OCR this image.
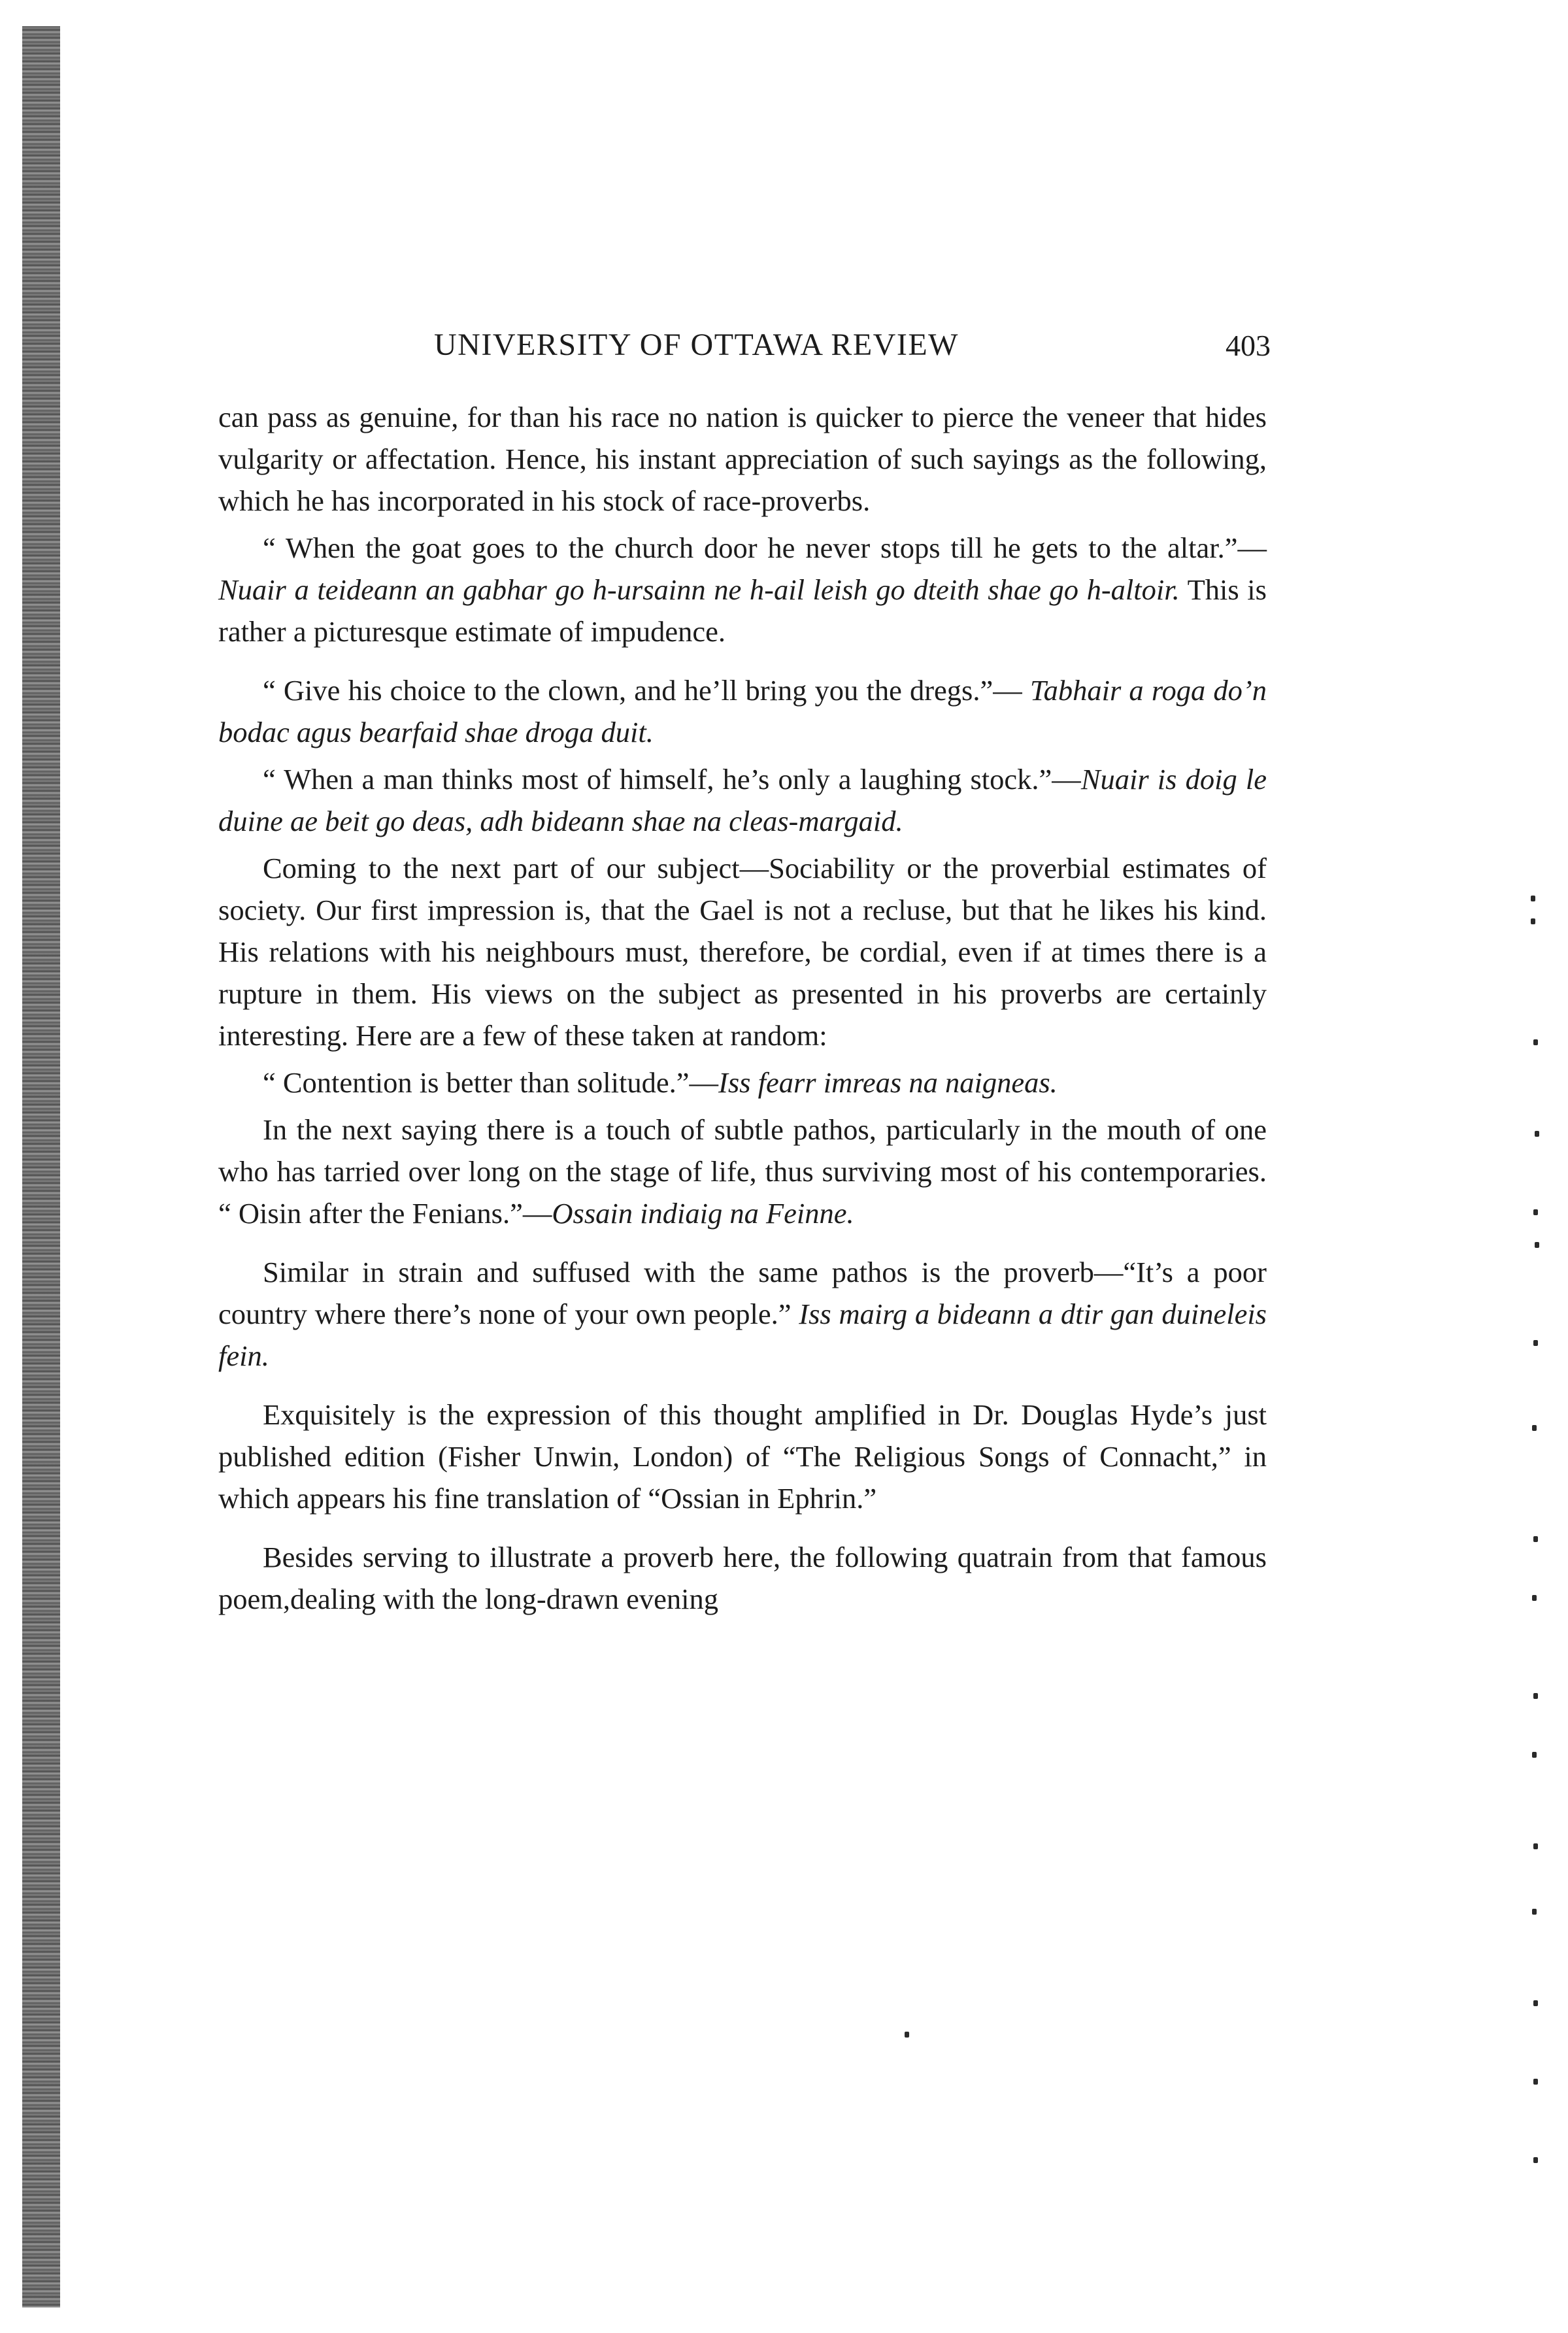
UNIVERSITY OF OTTAWA REVIEW	403

can pass as genuine, for than his race no nation is quicker to pierce the veneer that hides vulgarity or affectation. Hence, his instant appreciation of such sayings as the following, which he has incorporated in his stock of race-proverbs.

“ When the goat goes to the church door he never stops till he gets to the altar.”—Nuair a teideann an gabhar go h-ursainn ne h-ail leish go dteith shae go h-altoir. This is rather a picturesque estimate of impudence.

“ Give his choice to the clown, and he’ll bring you the dregs.”— Tabhair a roga do’n bodac agus bearfaid shae droga duit.

“ When a man thinks most of himself, he’s only a laughing stock.”—Nuair is doig le duine ae beit go deas, adh bideann shae na cleas-margaid.

Coming to the next part of our subject—Sociability or the proverbial estimates of society. Our first impression is, that the Gael is not a recluse, but that he likes his kind. His relations with his neighbours must, therefore, be cordial, even if at times there is a rupture in them. His views on the subject as presented in his proverbs are certainly interesting. Here are a few of these taken at random:

“ Contention is better than solitude.”—Iss fearr imreas na naigneas.

In the next saying there is a touch of subtle pathos, particularly in the mouth of one who has tarried over long on the stage of life, thus surviving most of his contemporaries. “ Oisin after the Fenians.”—Ossain indiaig na Feinne.

Similar in strain and suffused with the same pathos is the proverb—“It’s a poor country where there’s none of your own people.” Iss mairg a bideann a dtir gan duineleis fein.

Exquisitely is the expression of this thought amplified in Dr. Douglas Hyde’s just published edition (Fisher Unwin, London) of “The Religious Songs of Connacht,” in which appears his fine translation of “Ossian in Ephrin.”

Besides serving to illustrate a proverb here, the following quatrain from that famous poem,dealing with the long-drawn evening
